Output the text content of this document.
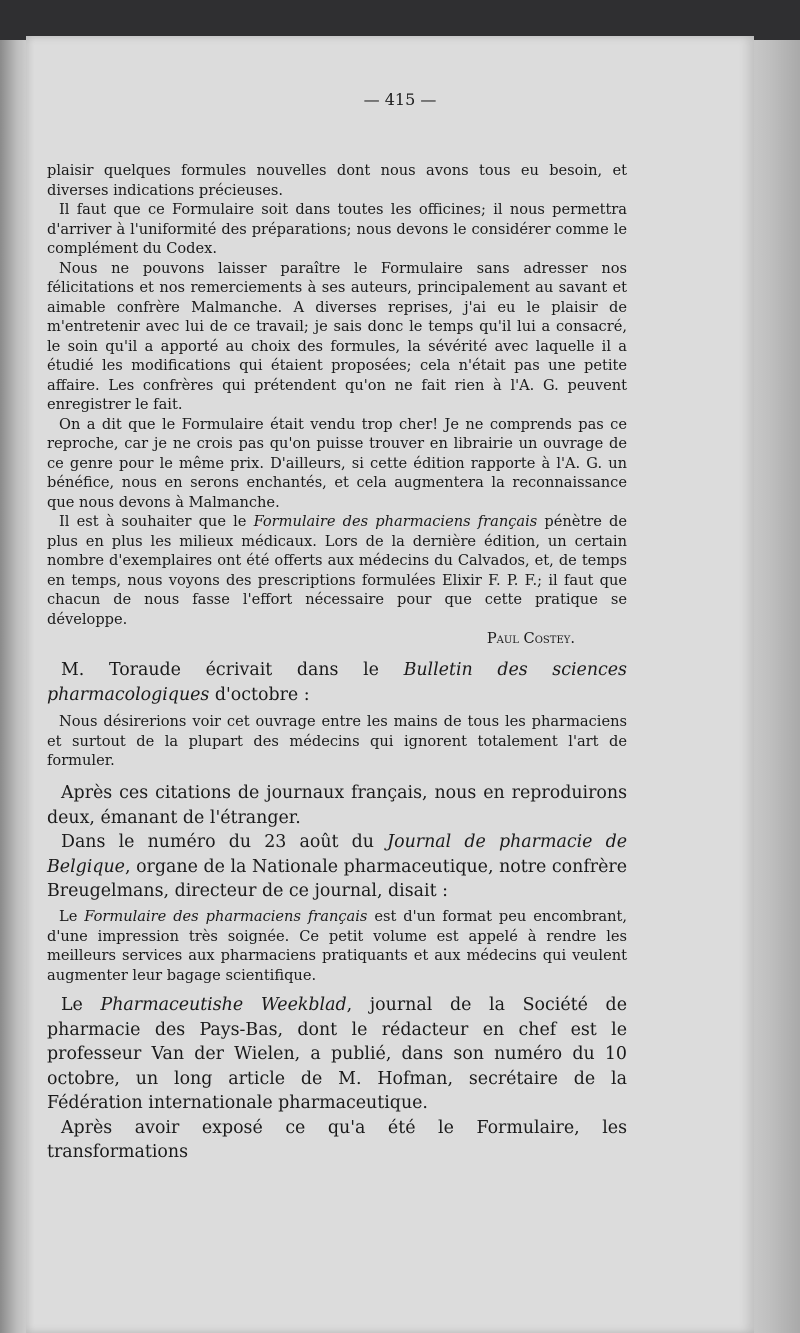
— 415 —

plaisir quelques formules nouvelles dont nous avons tous eu besoin, et diverses indications précieuses.

Il faut que ce Formulaire soit dans toutes les officines; il nous permettra d'arriver à l'uniformité des préparations; nous devons le considérer comme le complément du Codex.

Nous ne pouvons laisser paraître le Formulaire sans adresser nos félicitations et nos remerciements à ses auteurs, principalement au savant et aimable confrère Malmanche. A diverses reprises, j'ai eu le plaisir de m'entretenir avec lui de ce travail; je sais donc le temps qu'il lui a consacré, le soin qu'il a apporté au choix des formules, la sévérité avec laquelle il a étudié les modifications qui étaient proposées; cela n'était pas une petite affaire. Les confrères qui prétendent qu'on ne fait rien à l'A. G. peuvent enregistrer le fait.

On a dit que le Formulaire était vendu trop cher! Je ne comprends pas ce reproche, car je ne crois pas qu'on puisse trouver en librairie un ouvrage de ce genre pour le même prix. D'ailleurs, si cette édition rapporte à l'A. G. un bénéfice, nous en serons enchantés, et cela augmentera la reconnaissance que nous devons à Malmanche.

Il est à souhaiter que le Formulaire des pharmaciens français pénètre de plus en plus les milieux médicaux. Lors de la dernière édition, un certain nombre d'exemplaires ont été offerts aux médecins du Calvados, et, de temps en temps, nous voyons des prescriptions formulées Elixir F. P. F.; il faut que chacun de nous fasse l'effort nécessaire pour que cette pratique se développe.

Paul Costey.

M. Toraude écrivait dans le Bulletin des sciences pharmacologiques d'octobre :

Nous désirerions voir cet ouvrage entre les mains de tous les pharmaciens et surtout de la plupart des médecins qui ignorent totalement l'art de formuler.

Après ces citations de journaux français, nous en reproduirons deux, émanant de l'étranger.

Dans le numéro du 23 août du Journal de pharmacie de Belgique, organe de la Nationale pharmaceutique, notre confrère Breugelmans, directeur de ce journal, disait :

Le Formulaire des pharmaciens français est d'un format peu encombrant, d'une impression très soignée. Ce petit volume est appelé à rendre les meilleurs services aux pharmaciens pratiquants et aux médecins qui veulent augmenter leur bagage scientifique.

Le Pharmaceutishe Weekblad, journal de la Société de pharmacie des Pays-Bas, dont le rédacteur en chef est le professeur Van der Wielen, a publié, dans son numéro du 10 octobre, un long article de M. Hofman, secrétaire de la Fédération internationale pharmaceutique.

Après avoir exposé ce qu'a été le Formulaire, les transformations
